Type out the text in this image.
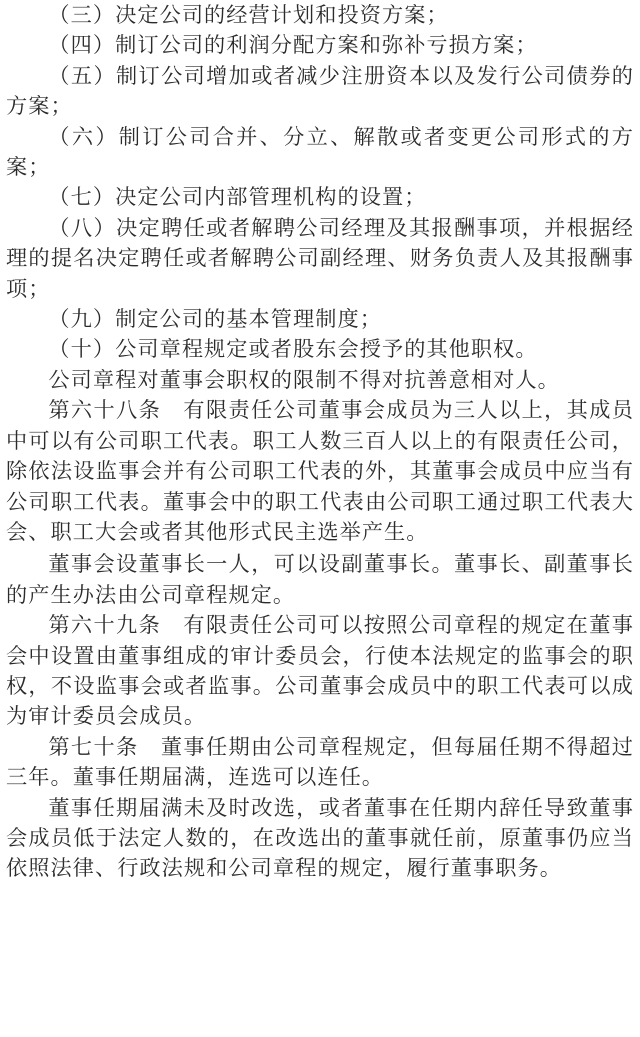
（三）决定公司的经营计划和投资方案；

（四）制订公司的利润分配方案和弥补亏损方案；

（五）制订公司增加或者减少注册资本以及发行公司债券的方案；

（六）制订公司合并、分立、解散或者变更公司形式的方案；

（七）决定公司内部管理机构的设置；

（八）决定聘任或者解聘公司经理及其报酬事项，并根据经理的提名决定聘任或者解聘公司副经理、财务负责人及其报酬事项；

（九）制定公司的基本管理制度；

（十）公司章程规定或者股东会授予的其他职权。

公司章程对董事会职权的限制不得对抗善意相对人。

第六十八条 有限责任公司董事会成员为三人以上，其成员中可以有公司职工代表。职工人数三百人以上的有限责任公司，除依法设监事会并有公司职工代表的外，其董事会成员中应当有公司职工代表。董事会中的职工代表由公司职工通过职工代表大会、职工大会或者其他形式民主选举产生。

董事会设董事长一人，可以设副董事长。董事长、副董事长的产生办法由公司章程规定。

第六十九条 有限责任公司可以按照公司章程的规定在董事会中设置由董事组成的审计委员会，行使本法规定的监事会的职权，不设监事会或者监事。公司董事会成员中的职工代表可以成为审计委员会成员。

第七十条 董事任期由公司章程规定，但每届任期不得超过三年。董事任期届满，连选可以连任。

董事任期届满未及时改选，或者董事在任期内辞任导致董事会成员低于法定人数的，在改选出的董事就任前，原董事仍应当依照法律、行政法规和公司章程的规定，履行董事职务。
